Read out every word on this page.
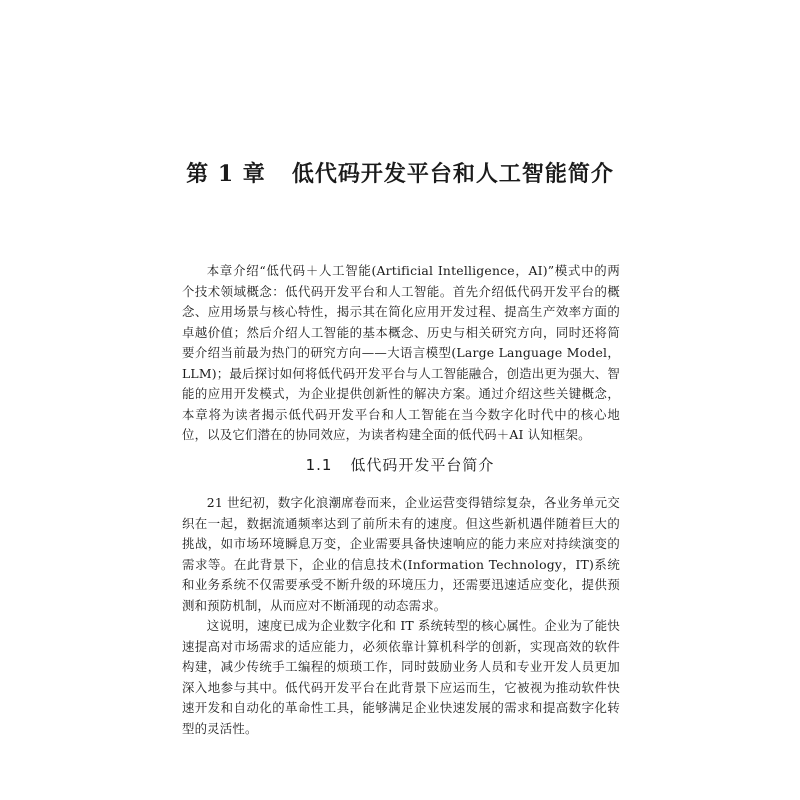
第 1 章 低代码开发平台和人工智能简介

本章介绍“低代码＋人工智能(Artificial Intelligence，AI)”模式中的两个技术领域概念：低代码开发平台和人工智能。首先介绍低代码开发平台的概念、应用场景与核心特性，揭示其在简化应用开发过程、提高生产效率方面的卓越价值；然后介绍人工智能的基本概念、历史与相关研究方向，同时还将简要介绍当前最为热门的研究方向——大语言模型(Large Language Model，LLM)；最后探讨如何将低代码开发平台与人工智能融合，创造出更为强大、智能的应用开发模式，为企业提供创新性的解决方案。通过介绍这些关键概念，本章将为读者揭示低代码开发平台和人工智能在当今数字化时代中的核心地位，以及它们潜在的协同效应，为读者构建全面的低代码＋AI 认知框架。

1.1 低代码开发平台简介

21 世纪初，数字化浪潮席卷而来，企业运营变得错综复杂，各业务单元交织在一起，数据流通频率达到了前所未有的速度。但这些新机遇伴随着巨大的挑战，如市场环境瞬息万变，企业需要具备快速响应的能力来应对持续演变的需求等。在此背景下，企业的信息技术(Information Technology，IT)系统和业务系统不仅需要承受不断升级的环境压力，还需要迅速适应变化，提供预测和预防机制，从而应对不断涌现的动态需求。

这说明，速度已成为企业数字化和 IT 系统转型的核心属性。企业为了能快速提高对市场需求的适应能力，必须依靠计算机科学的创新，实现高效的软件构建，减少传统手工编程的烦琐工作，同时鼓励业务人员和专业开发人员更加深入地参与其中。低代码开发平台在此背景下应运而生，它被视为推动软件快速开发和自动化的革命性工具，能够满足企业快速发展的需求和提高数字化转型的灵活性。
